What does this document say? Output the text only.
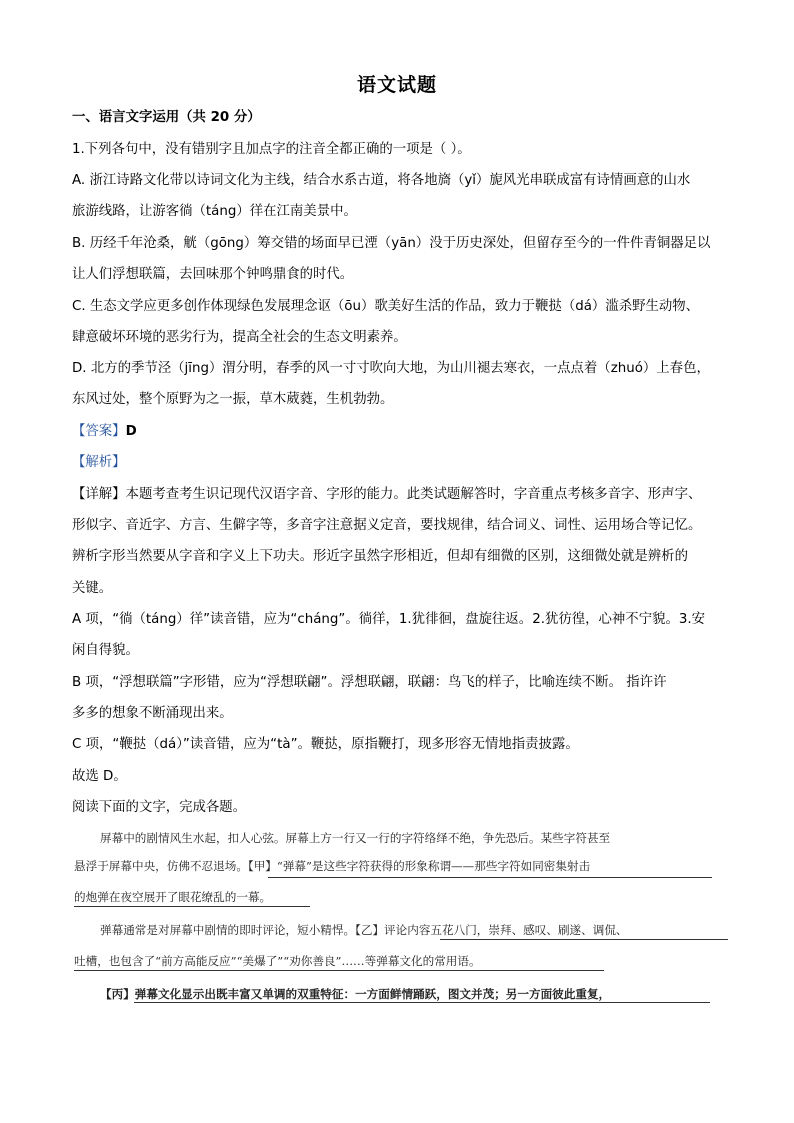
语文试题
一、语言文字运用（共 20 分）
1.下列各句中，没有错别字且加点字的注音全都正确的一项是（ ）。
A. 浙江诗路文化带以诗词文化为主线，结合水系古道，将各地旖（yǐ）旎风光串联成富有诗情画意的山水
旅游线路，让游客徜（táng）徉在江南美景中。
B. 历经千年沧桑，觥（gōng）筹交错的场面早已湮（yān）没于历史深处，但留存至今的一件件青铜器足以
让人们浮想联篇，去回味那个钟鸣鼎食的时代。
C. 生态文学应更多创作体现绿色发展理念讴（ōu）歌美好生活的作品，致力于鞭挞（dá）滥杀野生动物、
肆意破坏环境的恶劣行为，提高全社会的生态文明素养。
D. 北方的季节泾（jīng）渭分明，春季的风一寸寸吹向大地，为山川褪去寒衣，一点点着（zhuó）上春色，
东风过处，整个原野为之一振，草木葳蕤，生机勃勃。
【答案】D
【解析】
【详解】本题考查考生识记现代汉语字音、字形的能力。此类试题解答时，字音重点考核多音字、形声字、
形似字、音近字、方言、生僻字等，多音字注意据义定音，要找规律，结合词义、词性、运用场合等记忆。
辨析字形当然要从字音和字义上下功夫。形近字虽然字形相近，但却有细微的区别，这细微处就是辨析的
关键。
A 项，“徜（táng）徉”读音错，应为“cháng”。徜徉，1.犹徘徊，盘旋往返。2.犹彷徨，心神不宁貌。3.安
闲自得貌。
B 项，“浮想联篇”字形错，应为“浮想联翩”。浮想联翩，联翩：鸟飞的样子，比喻连续不断。 指许许
多多的想象不断涌现出来。
C 项，“鞭挞（dá）”读音错，应为“tà”。鞭挞，原指鞭打，现多形容无情地指责披露。
故选 D。
阅读下面的文字，完成各题。
屏幕中的剧情风生水起，扣人心弦。屏幕上方一行又一行的字符络绎不绝，争先恐后。某些字符甚至
悬浮于屏幕中央，仿佛不忍退场。【甲】“弹幕”是这些字符获得的形象称谓——那些字符如同密集射击
的炮弹在夜空展开了眼花缭乱的一幕。
弹幕通常是对屏幕中剧情的即时评论，短小精悍。【乙】评论内容五花八门，崇拜、感叹、刷遂、调侃、
吐槽，也包含了“前方高能反应”“美爆了”“劝你善良”……等弹幕文化的常用语。
【丙】弹幕文化显示出既丰富又单调的双重特征：一方面鲜情踊跃，图文并茂；另一方面彼此重复，
